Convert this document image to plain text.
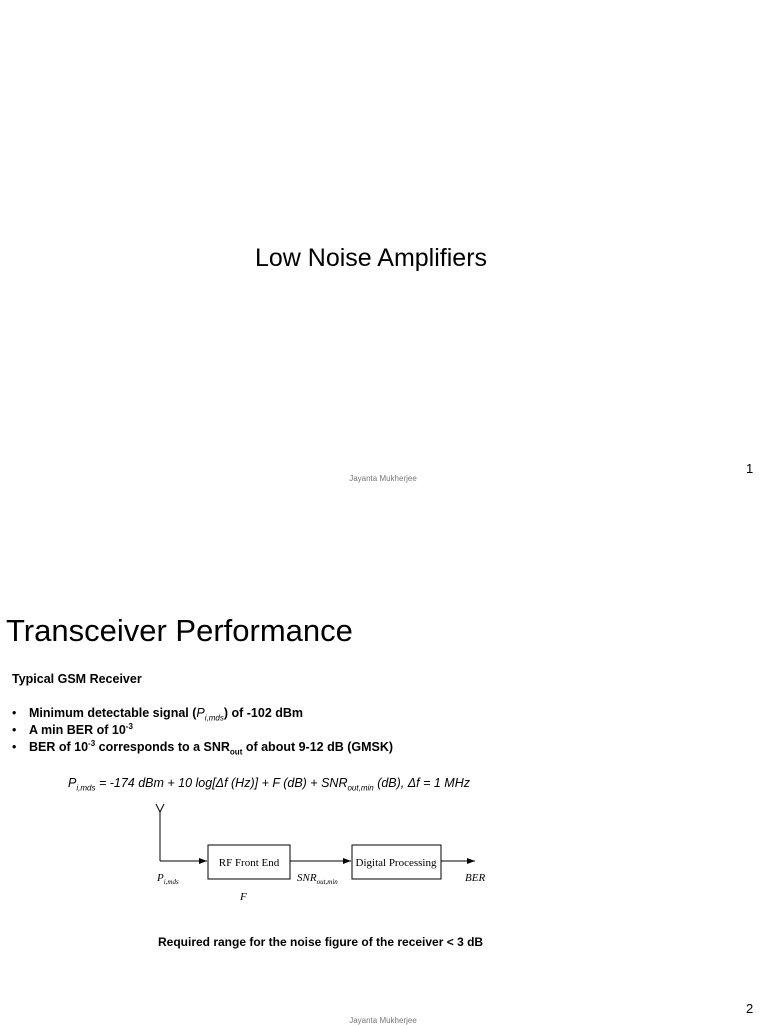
Low Noise Amplifiers
Jayanta Mukherjee
1
Transceiver Performance
Typical GSM Receiver
• Minimum detectable signal $(P_{i,mds})$ of -102 dBm
• A min BER of $10^{-3}$
• BER of $10^{-3}$ corresponds to a $SNR_{out}$ of about 9-12 dB (GMSK)
$P_{i,mds} = -174$ dBm + 10 log[Δf (Hz)] + F $(dB) + SNR_{out,min}$ (dB), Δf = 1 MHz
RF Front End	Digital Processing
$P_{i,mds}$	$SNR_{out,min}$	BER
F
Required range for the noise figure of the receiver < 3 dB
Jayanta Mukherjee
2
